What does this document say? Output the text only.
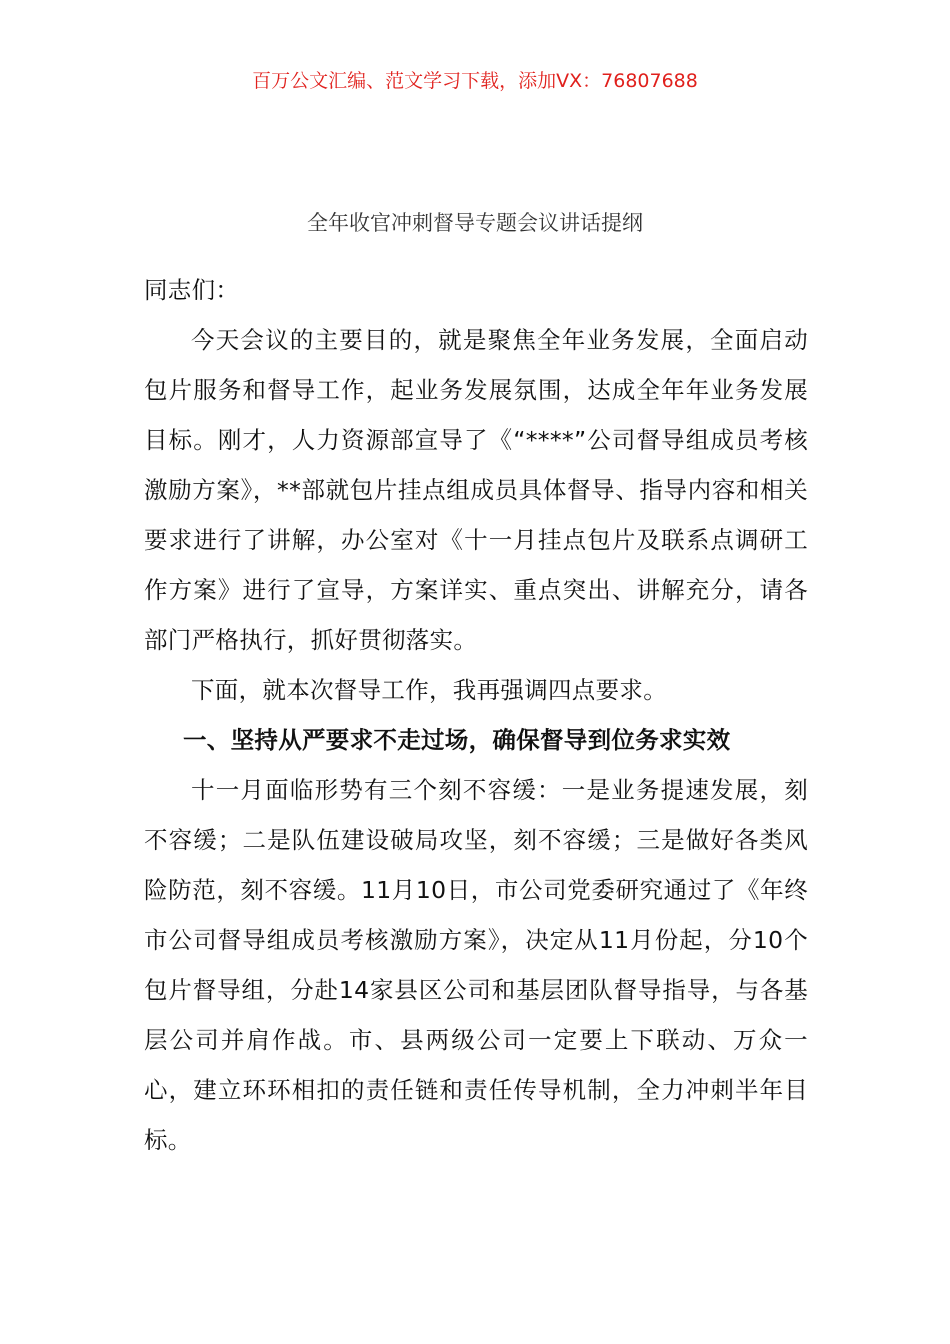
百万公文汇编、范文学习下载，添加VX：76807688
全年收官冲刺督导专题会议讲话提纲

同志们：

今天会议的主要目的，就是聚焦全年业务发展，全面启动包片服务和督导工作，起业务发展氛围，达成全年年业务发展目标。刚才，人力资源部宣导了《“****”公司督导组成员考核激励方案》，**部就包片挂点组成员具体督导、指导内容和相关要求进行了讲解，办公室对《十一月挂点包片及联系点调研工作方案》进行了宣导，方案详实、重点突出、讲解充分，请各部门严格执行，抓好贯彻落实。

下面，就本次督导工作，我再强调四点要求。

一、坚持从严要求不走过场，确保督导到位务求实效

十一月面临形势有三个刻不容缓：一是业务提速发展，刻不容缓；二是队伍建设破局攻坚，刻不容缓；三是做好各类风险防范，刻不容缓。11月10日，市公司党委研究通过了《年终市公司督导组成员考核激励方案》，决定从11月份起，分10个包片督导组，分赴14家县区公司和基层团队督导指导，与各基层公司并肩作战。市、县两级公司一定要上下联动、万众一心，建立环环相扣的责任链和责任传导机制，全力冲刺半年目标。
